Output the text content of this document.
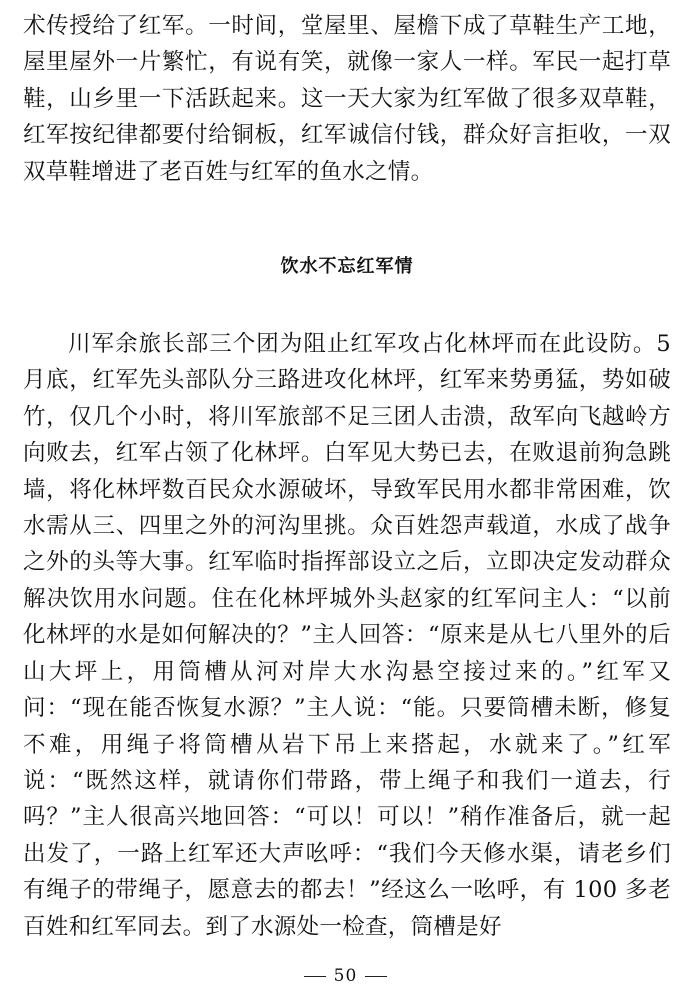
术传授给了红军。一时间，堂屋里、屋檐下成了草鞋生产工地，屋里屋外一片繁忙，有说有笑，就像一家人一样。军民一起打草鞋，山乡里一下活跃起来。这一天大家为红军做了很多双草鞋，红军按纪律都要付给铜板，红军诚信付钱，群众好言拒收，一双双草鞋增进了老百姓与红军的鱼水之情。

饮水不忘红军情

川军余旅长部三个团为阻止红军攻占化林坪而在此设防。5 月底，红军先头部队分三路进攻化林坪，红军来势勇猛，势如破竹，仅几个小时，将川军旅部不足三团人击溃，敌军向飞越岭方向败去，红军占领了化林坪。白军见大势已去，在败退前狗急跳墙，将化林坪数百民众水源破坏，导致军民用水都非常困难，饮水需从三、四里之外的河沟里挑。众百姓怨声载道，水成了战争之外的头等大事。红军临时指挥部设立之后，立即决定发动群众解决饮用水问题。住在化林坪城外头赵家的红军问主人：“以前化林坪的水是如何解决的？”主人回答：“原来是从七八里外的后山大坪上，用筒槽从河对岸大水沟悬空接过来的。”红军又问：“现在能否恢复水源？”主人说：“能。只要筒槽未断，修复不难，用绳子将筒槽从岩下吊上来搭起，水就来了。”红军说：“既然这样，就请你们带路，带上绳子和我们一道去，行吗？”主人很高兴地回答：“可以！可以！”稍作准备后，就一起出发了，一路上红军还大声吆呼：“我们今天修水渠，请老乡们有绳子的带绳子，愿意去的都去！”经这么一吆呼，有 100 多老百姓和红军同去。到了水源处一检查，筒槽是好

50
